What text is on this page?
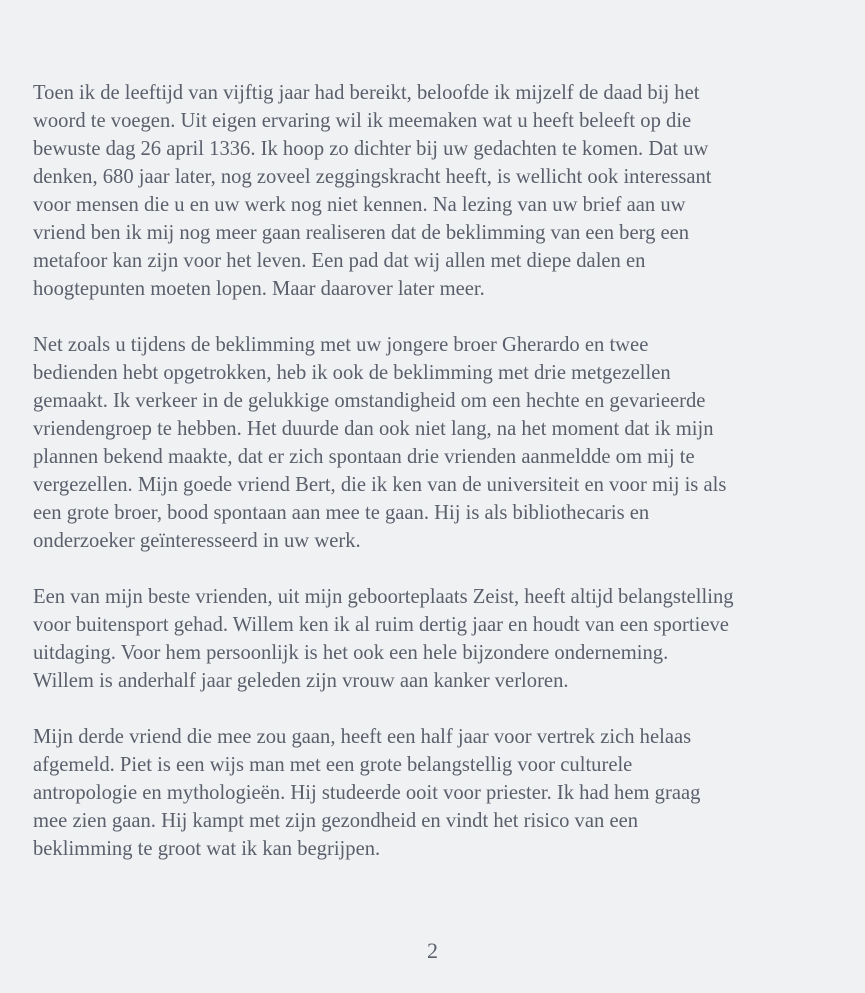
Toen ik de leeftijd van vijftig jaar had bereikt, beloofde ik mijzelf de daad bij het
woord te voegen. Uit eigen ervaring wil ik meemaken wat u heeft beleeft op die
bewuste dag 26 april 1336. Ik hoop zo dichter bij uw gedachten te komen. Dat uw
denken, 680 jaar later, nog zoveel zeggingskracht heeft, is wellicht ook interessant
voor mensen die u en uw werk nog niet kennen. Na lezing van uw brief aan uw
vriend ben ik mij nog meer gaan realiseren dat de beklimming van een berg een
metafoor kan zijn voor het leven. Een pad dat wij allen met diepe dalen en
hoogtepunten moeten lopen. Maar daarover later meer.

Net zoals u tijdens de beklimming met uw jongere broer Gherardo en twee
bedienden hebt opgetrokken, heb ik ook de beklimming met drie metgezellen
gemaakt. Ik verkeer in de gelukkige omstandigheid om een hechte en gevarieerde
vriendengroep te hebben. Het duurde dan ook niet lang, na het moment dat ik mijn
plannen bekend maakte, dat er zich spontaan drie vrienden aanmeldde om mij te
vergezellen. Mijn goede vriend Bert, die ik ken van de universiteit en voor mij is als
een grote broer, bood spontaan aan mee te gaan. Hij is als bibliothecaris en
onderzoeker geïnteresseerd in uw werk.

Een van mijn beste vrienden, uit mijn geboorteplaats Zeist, heeft altijd belangstelling
voor buitensport gehad. Willem ken ik al ruim dertig jaar en houdt van een sportieve
uitdaging. Voor hem persoonlijk is het ook een hele bijzondere onderneming.
Willem is anderhalf jaar geleden zijn vrouw aan kanker verloren.

Mijn derde vriend die mee zou gaan, heeft een half jaar voor vertrek zich helaas
afgemeld. Piet is een wijs man met een grote belangstellig voor culturele
antropologie en mythologieën. Hij studeerde ooit voor priester. Ik had hem graag
mee zien gaan. Hij kampt met zijn gezondheid en vindt het risico van een
beklimming te groot wat ik kan begrijpen.

2
